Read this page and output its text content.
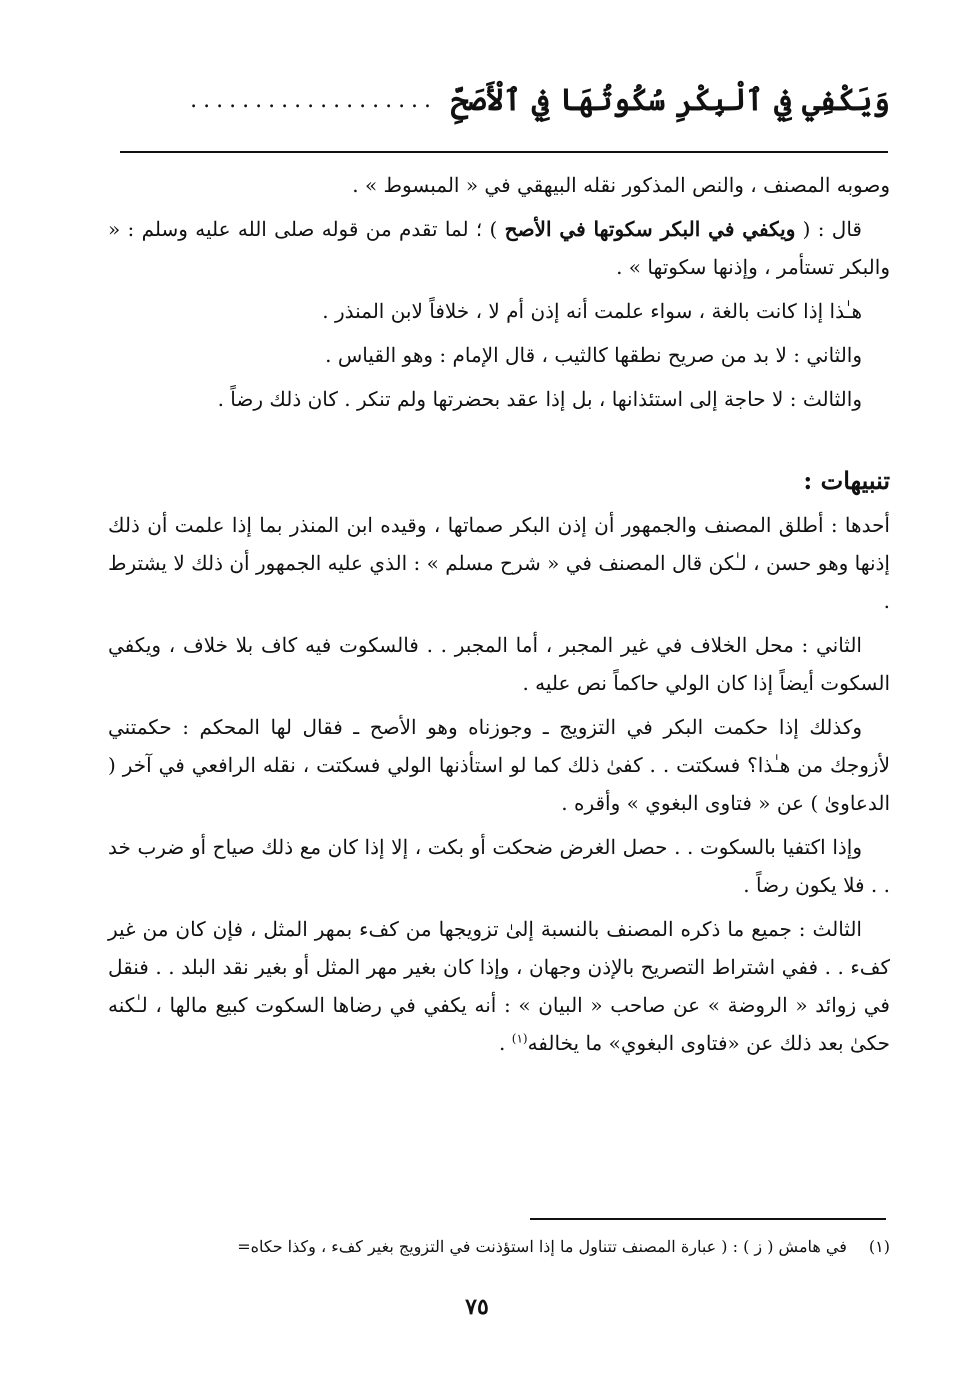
وَيَكْفِي فِي ٱلْبِكْرِ سُكُوتُهَا فِي ٱلْأَصَحِّ
...................

وصوبه المصنف ، والنص المذكور نقله البيهقي في « المبسوط » .

قال : ( ويكفي في البكر سكوتها في الأصح ) ؛ لما تقدم من قوله صلى الله عليه وسلم : « والبكر تستأمر ، وإذنها سكوتها » .

هـٰذا إذا كانت بالغة ، سواء علمت أنه إذن أم لا ، خلافاً لابن المنذر .

والثاني : لا بد من صريح نطقها كالثيب ، قال الإمام : وهو القياس .

والثالث : لا حاجة إلى استئذانها ، بل إذا عقد بحضرتها ولم تنكر . كان ذلك رضاً .

تنبيهات :

أحدها : أطلق المصنف والجمهور أن إذن البكر صماتها ، وقيده ابن المنذر بما إذا علمت أن ذلك إذنها وهو حسن ، لـٰكن قال المصنف في « شرح مسلم » : الذي عليه الجمهور أن ذلك لا يشترط .

الثاني : محل الخلاف في غير المجبر ، أما المجبر . . فالسكوت فيه كاف بلا خلاف ، ويكفي السكوت أيضاً إذا كان الولي حاكماً نص عليه .

وكذلك إذا حكمت البكر في التزويج ـ وجوزناه وهو الأصح ـ فقال لها المحكم : حكمتني لأزوجك من هـٰذا؟ فسكتت . . كفىٰ ذلك كما لو استأذنها الولي فسكتت ، نقله الرافعي في آخر ( الدعاوىٰ ) عن « فتاوى البغوي » وأقره .

وإذا اكتفيا بالسكوت . . حصل الغرض ضحكت أو بكت ، إلا إذا كان مع ذلك صياح أو ضرب خد . . فلا يكون رضاً .

الثالث : جميع ما ذكره المصنف بالنسبة إلىٰ تزويجها من كفء بمهر المثل ، فإن كان من غير كفء . . ففي اشتراط التصريح بالإذن وجهان ، وإذا كان بغير مهر المثل أو بغير نقد البلد . . فنقل في زوائد « الروضة » عن صاحب « البيان » : أنه يكفي في رضاها السكوت كبيع مالها ، لـٰكنه حكىٰ بعد ذلك عن «فتاوى البغوي» ما يخالفه$^{(١)}$ .

(١)في هامش ( ز ) : ( عبارة المصنف تتناول ما إذا استؤذنت في التزويج بغير كفء ، وكذا حكاه=
٧٥
